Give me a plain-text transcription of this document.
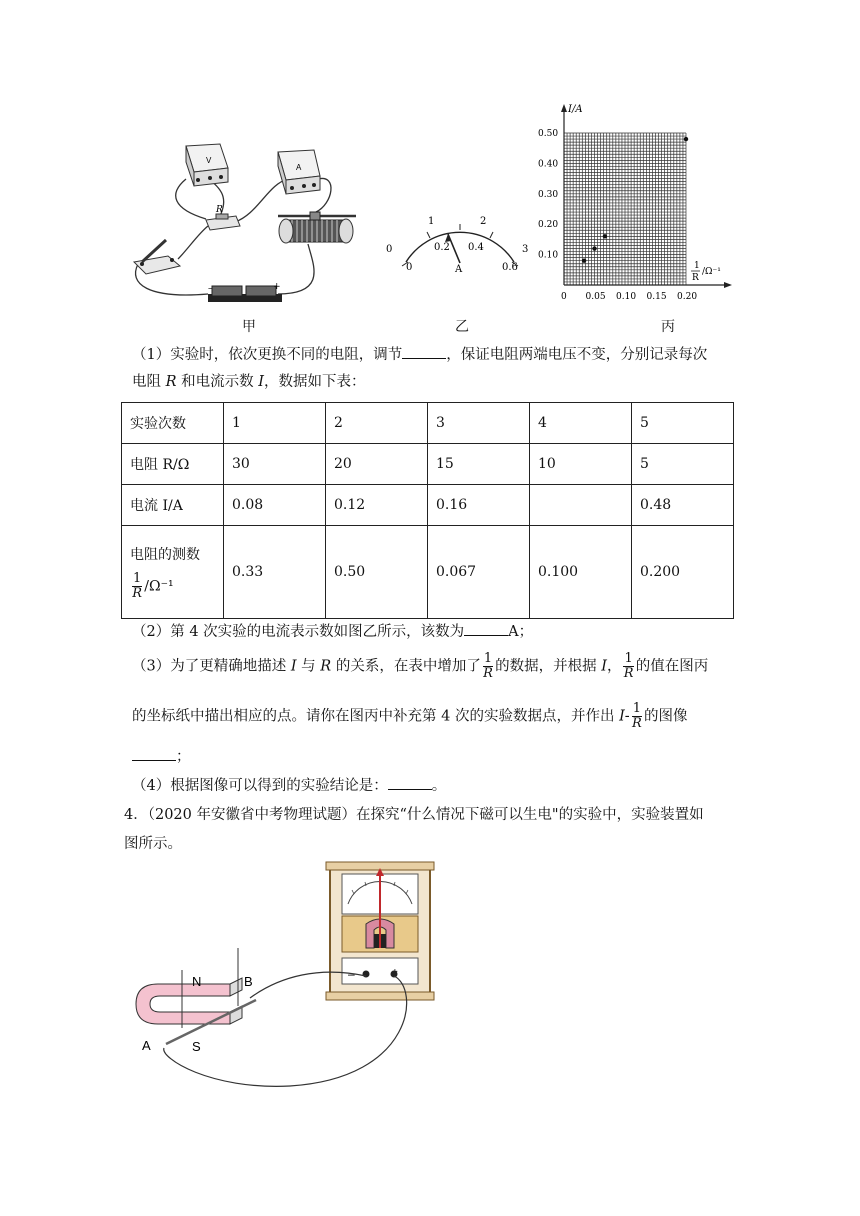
V
A
R
–	+
甲
0
1	2
3
0
0.2 0.4
0.6
A
乙
0.10
0.20
0.30
0.40
0.50
0 0.05 0.10 0.15 0.20
I/A
1
R
/Ω⁻¹
丙
（1）实验时，依次更换不同的电阻，调节	，保证电阻两端电压不变，分别记录每次
电阻 R 和电流示数 I，数据如下表：
实验次数	1	2	3	4	5
电阻 R/Ω	30	20	15	10	5
电流 I/A	0.08	0.12	0.16		0.48

电阻的测数
$\frac{1}{R} /\Omega^{-1}$	0.33	0.50	0.067	0.100	0.200
（2）第 4 次实验的电流表示数如图乙所示，该数为	A；
（3）为了更精确地描述 I 与 R 的关系，在表中增加了 $\frac{1}{R}$ 的数据，并根据 I， $\frac{1}{R}$ 的值在图丙
的坐标纸中描出相应的点。请你在图丙中补充第 4 次的实验数据点，并作出 $I- \frac{1}{R}$ 的图像
；
（4）根据图像可以得到的实验结论是：	。
4．（2020 年安徽省中考物理试题）在探究“什么情况下磁可以生电"的实验中，实验装置如
图所示。
–
N
S
A
B
